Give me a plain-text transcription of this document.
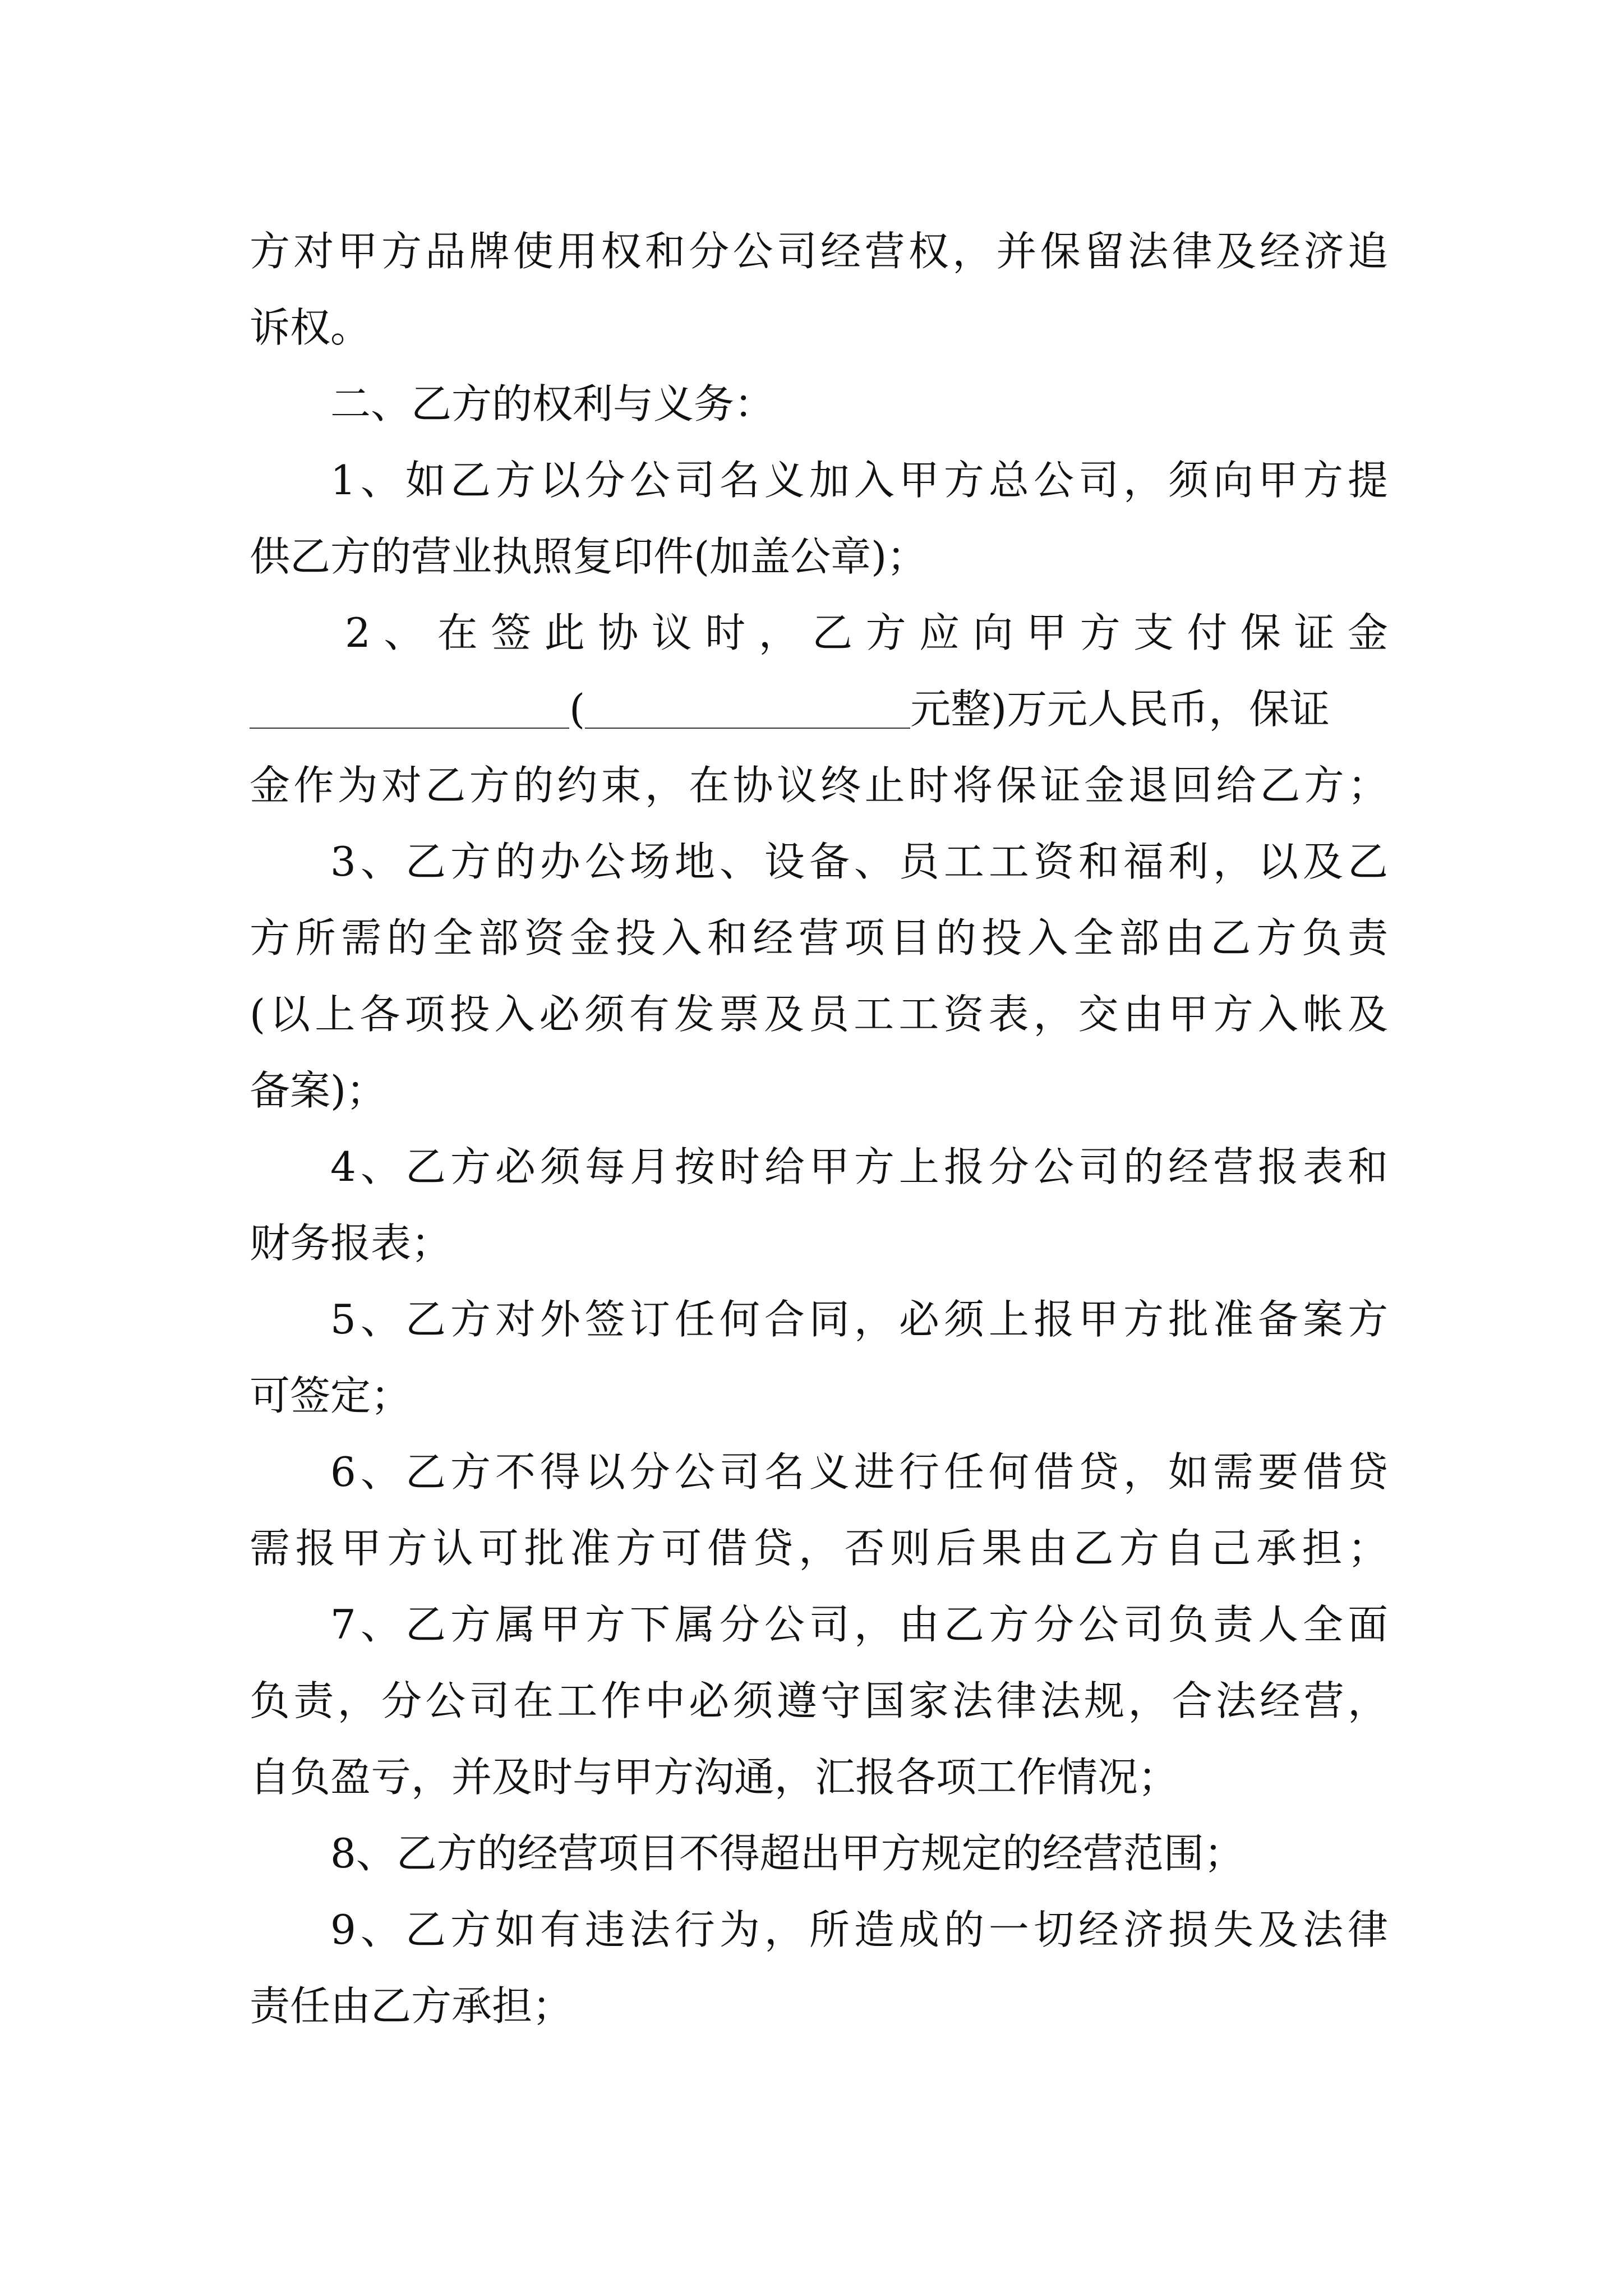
方对甲方品牌使用权和分公司经营权，并保留法律及经济追
诉权。
二、乙方的权利与义务：
1、如乙方以分公司名义加入甲方总公司，须向甲方提
供乙方的营业执照复印件(加盖公章)；
2、在签此协议时，乙方应向甲方支付保证金
(	元整)万元人民币，保证
金作为对乙方的约束，在协议终止时将保证金退回给乙方；
3、乙方的办公场地、设备、员工工资和福利，以及乙
方所需的全部资金投入和经营项目的投入全部由乙方负责
(以上各项投入必须有发票及员工工资表，交由甲方入帐及
备案)；
4、乙方必须每月按时给甲方上报分公司的经营报表和
财务报表；
5、乙方对外签订任何合同，必须上报甲方批准备案方
可签定；
6、乙方不得以分公司名义进行任何借贷，如需要借贷
需报甲方认可批准方可借贷，否则后果由乙方自己承担；
7、乙方属甲方下属分公司，由乙方分公司负责人全面
负责，分公司在工作中必须遵守国家法律法规，合法经营，
自负盈亏，并及时与甲方沟通，汇报各项工作情况；
8、乙方的经营项目不得超出甲方规定的经营范围；
9、乙方如有违法行为，所造成的一切经济损失及法律
责任由乙方承担；
